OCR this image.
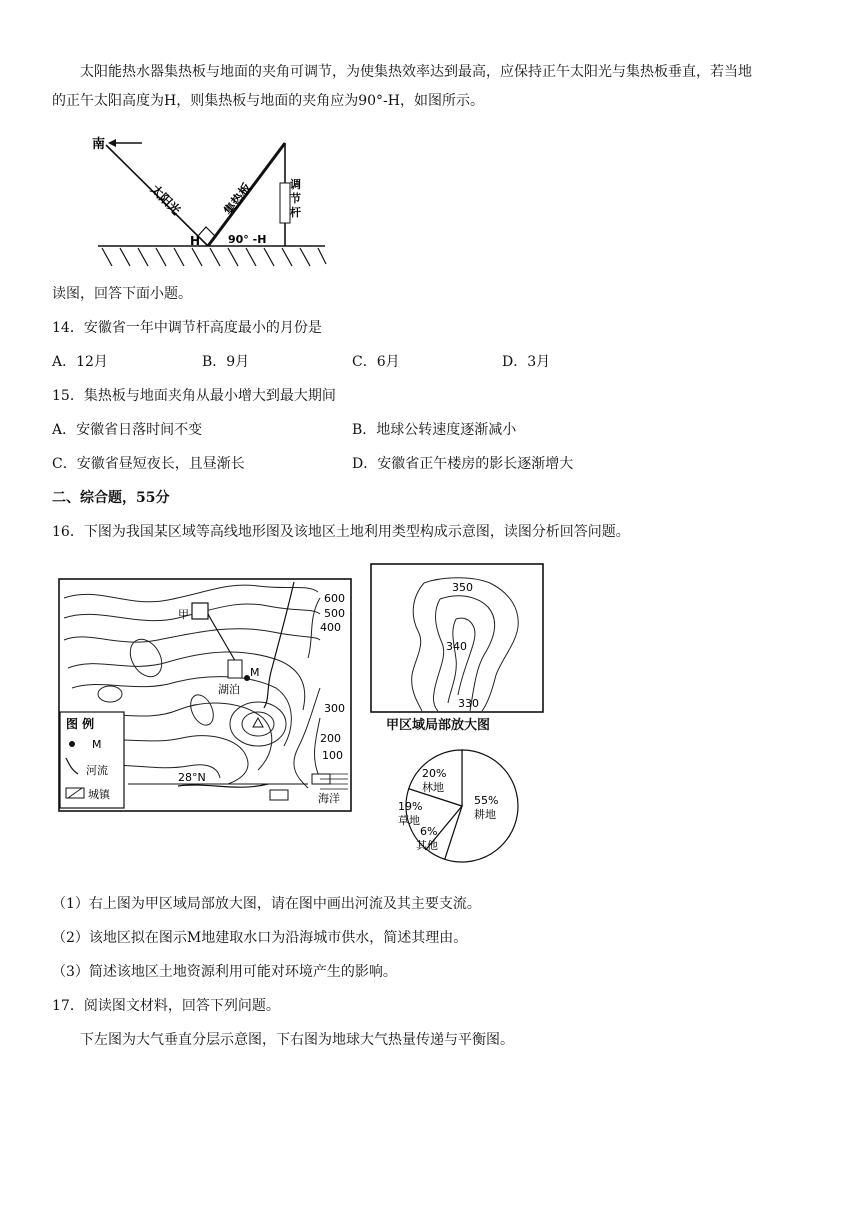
太阳能热水器集热板与地面的夹角可调节，为使集热效率达到最高，应保持正午太阳光与集热板垂直，若当地
的正午太阳高度为H，则集热板与地面的夹角应为90°-H，如图所示。
南
太阳光	集热板	调
节
杆
H	90° -H
读图，回答下面小题。
14．安徽省一年中调节杆高度最小的月份是
A．12月	B．9月	C．6月	D．3月
15．集热板与地面夹角从最小增大到最大期间
A．安徽省日落时间不变	B．地球公转速度逐渐减小
C．安徽省昼短夜长，且昼渐长	D．安徽省正午楼房的影长逐渐增大
二、综合题，55分
16．下图为我国某区域等高线地形图及该地区土地利用类型构成示意图，读图分析回答问题。
甲
M
湖泊
600
500
400
300
200
100
28°N
海洋
图 例
M
河流
城镇
350
340
330
甲区域局部放大图
55%
耕地
6%
其他
19%
草地
20%
林地
（1）右上图为甲区域局部放大图，请在图中画出河流及其主要支流。
（2）该地区拟在图示M地建取水口为沿海城市供水，简述其理由。
（3）简述该地区土地资源利用可能对环境产生的影响。
17．阅读图文材料，回答下列问题。
下左图为大气垂直分层示意图，下右图为地球大气热量传递与平衡图。
